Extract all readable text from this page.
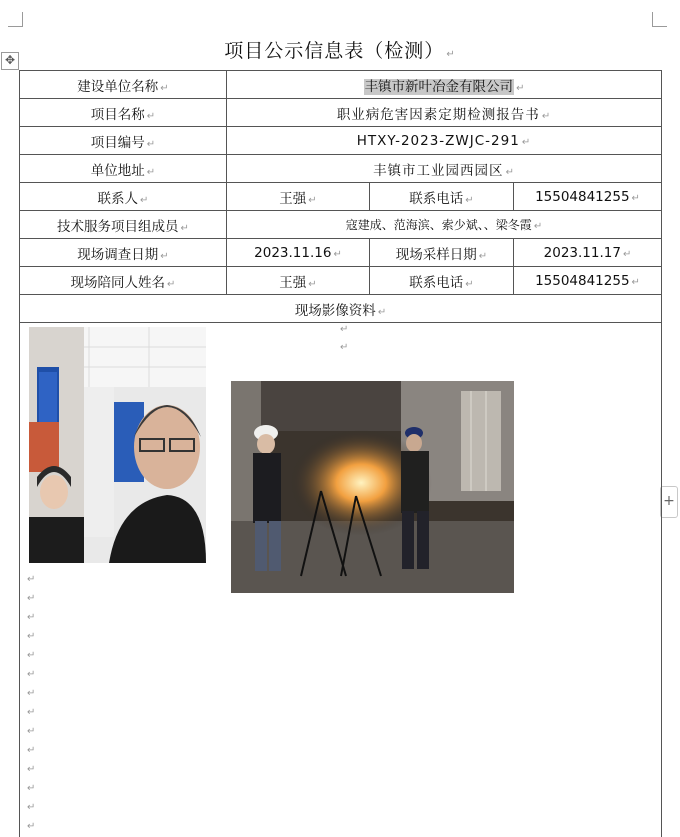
✥
+
项目公示信息表（检测） ↵
建设单位名称 ↵	丰镇市新叶冶金有限公司 ↵		
项目名称 ↵	职业病危害因素定期检测报告书 ↵		
项目编号 ↵	HTXY-2023-ZWJC-291 ↵		
单位地址 ↵	丰镇市工业园西园区 ↵		
联系人 ↵	王强 ↵	联系电话 ↵	15504841255 ↵
技术服务项目组成员 ↵	寇建成、范海滨、索少斌、、梁冬霞 ↵		
现场调查日期 ↵	2023.11.16 ↵	现场采样日期 ↵	2023.11.17 ↵
现场陪同人姓名 ↵	王强 ↵	联系电话 ↵	15504841255 ↵
现场影像资料 ↵			
↵
↵
↵
↵
↵
↵
↵
↵
↵
↵
↵
↵
↵
↵
↵
↵
